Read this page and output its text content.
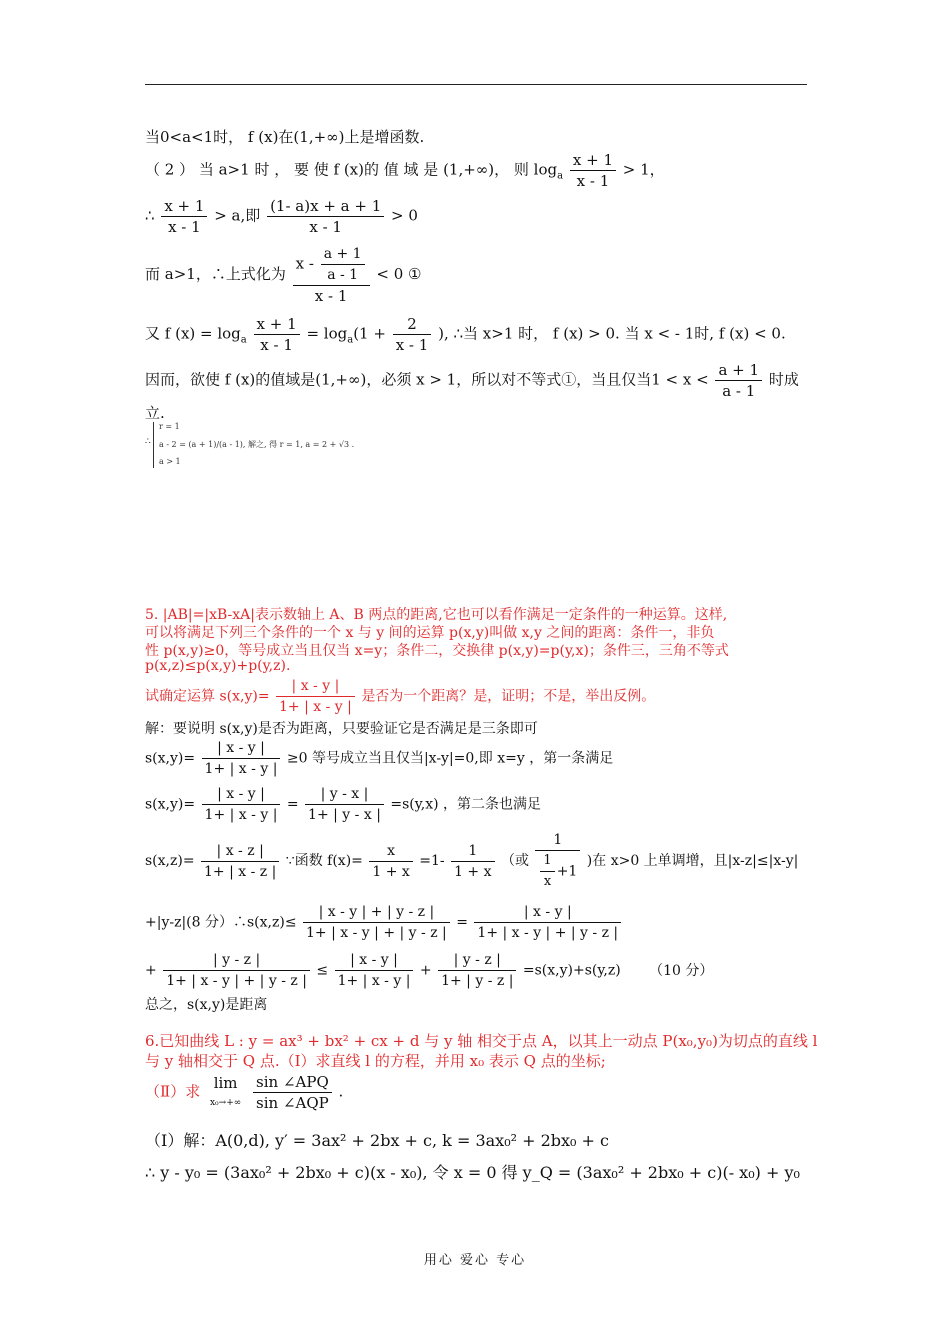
当0<a<1时， f (x)在(1,+∞)上是增函数.
（ 2 ） 当 a>1 时 ， 要 使 f (x)的 值 域 是 (1,+∞)， 则 $\log_a \frac{x + 1}{x - 1} > 1$，
∴ $\frac{x + 1}{x - 1} > a$,即 $\frac{(1- a)x + a + 1}{x - 1} > 0$
而 a>1，∴上式化为 $\frac{x - \frac{a + 1}{a - 1}}{x - 1} < 0$ ①
又 f $(x) = \log_a \frac{x + 1}{x - 1} = \log_a(1 + \frac{2}{x - 1}$ ), ∴当 x>1 时， f (x) > 0. 当 x < - 1时, f (x) < 0.
因而，欲使 f (x)的值域是(1,+∞)，必须 x > 1，所以对不等式①，当且仅当$1 < x < \frac{a + 1}{a - 1}$ 时成
立.
∴
r = 1
a - 2 = (a + 1)/(a - 1), 解之, 得 r = 1, a = 2 + √3 .
a > 1
5. |AB|=|xB-xA|表示数轴上 A、B 两点的距离,它也可以看作满足一定条件的一种运算。这样,
可以将满足下列三个条件的一个 x 与 y 间的运算 p(x,y)叫做 x,y 之间的距离：条件一，非负
性 p(x,y)≥0，等号成立当且仅当 x=y；条件二，交换律 p(x,y)=p(y,x)；条件三，三角不等式
p(x,z)≤p(x,y)+p(y,z).
试确定运算 $s(x,y)= \frac{| x - y |}{1+ | x - y |}$ 是否为一个距离？是，证明；不是，举出反例。
解：要说明 s(x,y)是否为距离，只要验证它是否满足是三条即可
$s(x,y)= \frac{| x - y |}{1+ | x - y |} \ge 0$ 等号成立当且仅当|x-y|=0,即 x=y ，第一条满足
$s(x,y)= \frac{| x - y |}{1+ | x - y |} = \frac{| y - x |}{1+ | y - x |} =s(y,x)$ ，第二条也满足
$s(x,z)= \frac{| x - z |}{1+ | x - z |}$ ∵函数 $f(x)= \frac{x}{1 + x} =1- \frac{1}{1 + x}$ （或 $\frac{1}{\frac{1}{x} +1}$ )在 x>0 上单调增，且|x-z|≤|x-y|
+|y-z|(8 分）∴s(x,z)≤ $\frac{| x - y | + | y - z |}{1+ | x - y | + | y - z |} = \frac{| x - y |}{1+ | x - y | + | y - z |}$
+ $\frac{| y - z |}{1+ | x - y | + | y - z |} \le \frac{| x - y |}{1+ | x - y |} + \frac{| y - z |}{1+ | y - z |} =s(x,y)+s(y,z)$ （10 分）
总之，s(x,y)是距离
6.已知曲线 L : y = ax³ + bx² + cx + d 与 y 轴 相交于点 A，以其上一动点 P(x₀,y₀)为切点的直线 l
与 y 轴相交于 Q 点.（Ⅰ）求直线 l 的方程，并用 x₀ 表示 Q 点的坐标;
（Ⅱ）求 lim
x₀→+∞

sin ∠APQ
sin ∠AQP
.
（Ⅰ）解：A(0,d), y′ = 3ax² + 2bx + c, k = 3ax₀² + 2bx₀ + c
∴ y - y₀ = (3ax₀² + 2bx₀ + c)(x - x₀), 令 x = 0 得 y_Q = (3ax₀² + 2bx₀ + c)(- x₀) + y₀
用心 爱心 专心
